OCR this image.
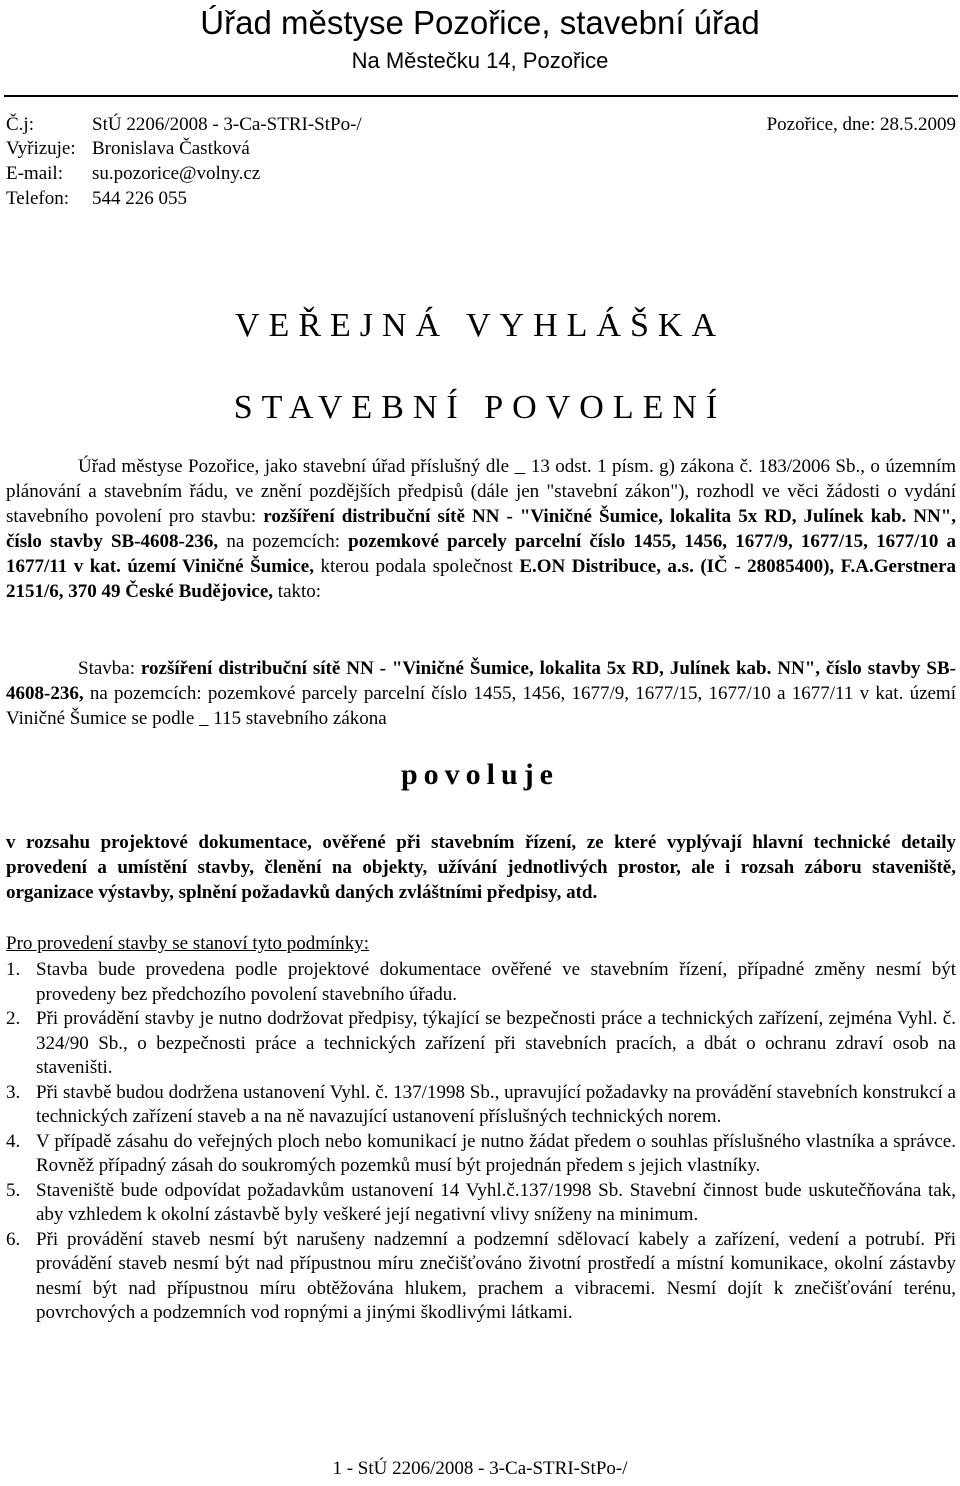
Úřad městyse Pozořice, stavební úřad
Na Městečku 14, Pozořice
Č.j:	StÚ 2206/2008 - 3-Ca-STRI-StPo-/	Pozořice, dne: 28.5.2009
Vyřizuje: Bronislava Častková
E-mail: su.pozorice@volny.cz
Telefon: 544 226 055
VEŘEJNÁ VYHLÁŠKA
STAVEBNÍ POVOLENÍ
Úřad městyse Pozořice, jako stavební úřad příslušný dle 13 odst. 1 písm. g) zákona č. 183/2006 Sb., o územním plánování a stavebním řádu, ve znění pozdějších předpisů (dále jen "stavební zákon"), rozhodl ve věci žádosti o vydání stavebního povolení pro stavbu: rozšíření distribuční sítě NN - "Viničné Šumice, lokalita 5x RD, Julínek kab. NN", číslo stavby SB-4608-236, na pozemcích: pozemkové parcely parcelní číslo 1455, 1456, 1677/9, 1677/15, 1677/10 a 1677/11 v kat. území Viničné Šumice, kterou podala společnost E.ON Distribuce, a.s. (IČ - 28085400), F.A.Gerstnera 2151/6, 370 49 České Budějovice, takto:
Stavba: rozšíření distribuční sítě NN - "Viničné Šumice, lokalita 5x RD, Julínek kab. NN", číslo stavby SB-4608-236, na pozemcích: pozemkové parcely parcelní číslo 1455, 1456, 1677/9, 1677/15, 1677/10 a 1677/11 v kat. území Viničné Šumice se podle 115 stavebního zákona
povoluje
v rozsahu projektové dokumentace, ověřené při stavebním řízení, ze které vyplývají hlavní technické detaily provedení a umístění stavby, členění na objekty, užívání jednotlivých prostor, ale i rozsah záboru staveniště, organizace výstavby, splnění požadavků daných zvláštními předpisy, atd.
Pro provedení stavby se stanoví tyto podmínky:
1. Stavba bude provedena podle projektové dokumentace ověřené ve stavebním řízení, případné změny nesmí být provedeny bez předchozího povolení stavebního úřadu.
2. Při provádění stavby je nutno dodržovat předpisy, týkající se bezpečnosti práce a technických zařízení, zejména Vyhl. č. 324/90 Sb., o bezpečnosti práce a technických zařízení při stavebních pracích, a dbát o ochranu zdraví osob na staveništi.
3. Při stavbě budou dodržena ustanovení Vyhl. č. 137/1998 Sb., upravující požadavky na provádění stavebních konstrukcí a technických zařízení staveb a na ně navazující ustanovení příslušných technických norem.
4. V případě zásahu do veřejných ploch nebo komunikací je nutno žádat předem o souhlas příslušného vlastníka a správce. Rovněž případný zásah do soukromých pozemků musí být projednán předem s jejich vlastníky.
5. Staveniště bude odpovídat požadavkům ustanovení 14 Vyhl.č.137/1998 Sb. Stavební činnost bude uskutečňována tak, aby vzhledem k okolní zástavbě byly veškeré její negativní vlivy sníženy na minimum.
6. Při provádění staveb nesmí být narušeny nadzemní a podzemní sdělovací kabely a zařízení, vedení a potrubí. Při provádění staveb nesmí být nad přípustnou míru znečišťováno životní prostředí a místní komunikace, okolní zástavby nesmí být nad přípustnou míru obtěžována hlukem, prachem a vibracemi. Nesmí dojít k znečišťování terénu, povrchových a podzemních vod ropnými a jinými škodlivými látkami.
1 - StÚ 2206/2008 - 3-Ca-STRI-StPo-/
